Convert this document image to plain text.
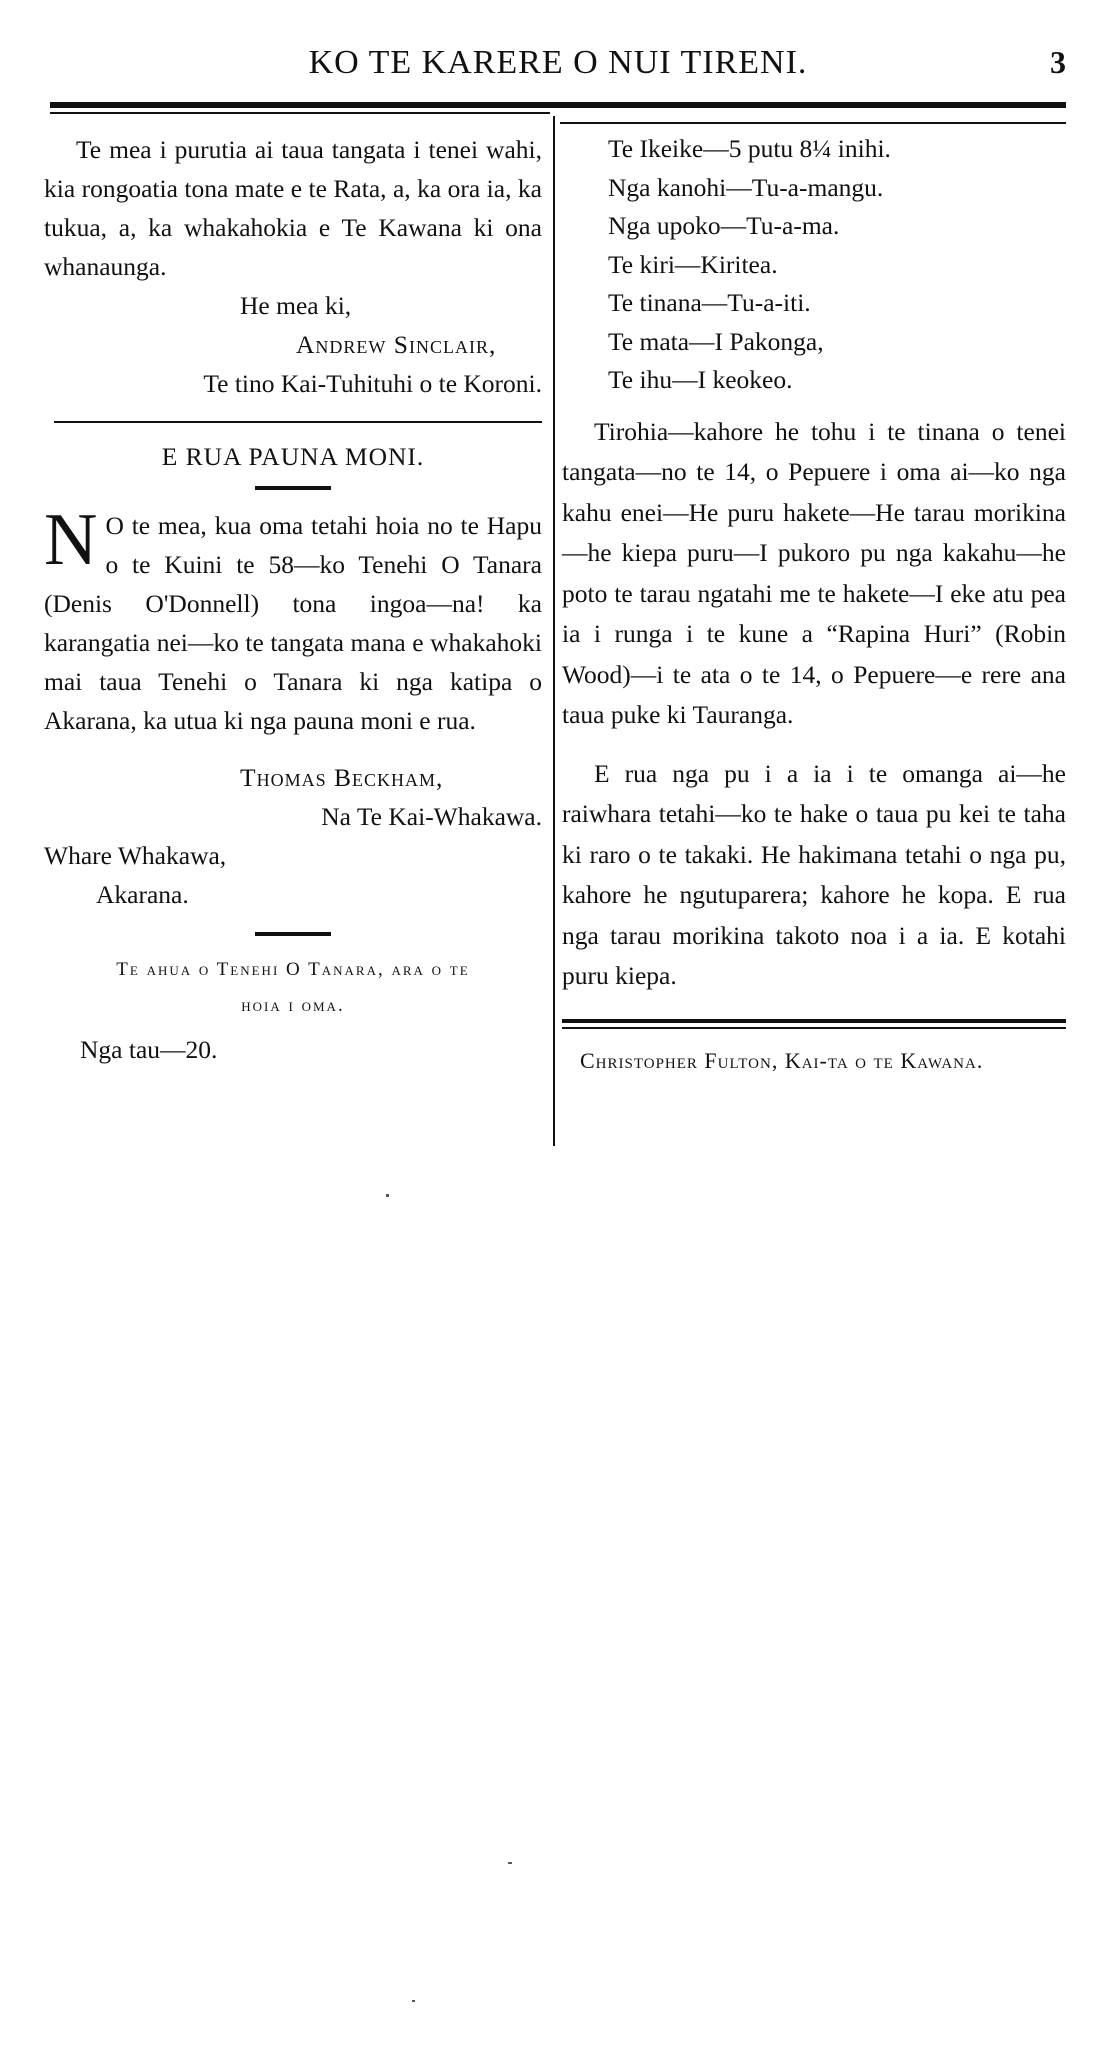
KO TE KARERE O NUI TIRENI.	3

Te mea i purutia ai taua tangata i tenei wahi, kia rongoatia tona mate e te Rata, a, ka ora ia, ka tukua, a, ka whakahokia e Te Kawana ki ona whanaunga.

He mea ki,

Andrew Sinclair,

Te tino Kai-Tuhituhi o te Koroni.

E RUA PAUNA MONI.

N O te mea, kua oma tetahi hoia no te Hapu o te Kuini te 58—ko Tenehi O Tanara (Denis O'Donnell) tona ingoa—na! ka karangatia nei—ko te tangata mana e whakahoki mai taua Tenehi o Tanara ki nga katipa o Akarana, ka utua ki nga pauna moni e rua.

Thomas Beckham,

Na Te Kai-Whakawa.

Whare Whakawa,

Akarana.

Te ahua o Tenehi O Tanara, ara o te

hoia i oma.

Nga tau—20.

Te Ikeike—5 putu 8¼ inihi.

Nga kanohi—Tu-a-mangu.

Nga upoko—Tu-a-ma.

Te kiri—Kiritea.

Te tinana—Tu-a-iti.

Te mata—I Pakonga,

Te ihu—I keokeo.

Tirohia—kahore he tohu i te tinana o tenei tangata—no te 14, o Pepuere i oma ai—ko nga kahu enei—He puru hakete—He tarau morikina—he kiepa puru—I pukoro pu nga kakahu—he poto te tarau ngatahi me te hakete—I eke atu pea ia i runga i te kune a “Rapina Huri” (Robin Wood)—i te ata o te 14, o Pepuere—e rere ana taua puke ki Tauranga.

E rua nga pu i a ia i te omanga ai—he raiwhara tetahi—ko te hake o taua pu kei te taha ki raro o te takaki. He hakimana tetahi o nga pu, kahore he ngutuparera; kahore he kopa. E rua nga tarau morikina takoto noa i a ia. E kotahi puru kiepa.

Christopher Fulton, Kai-ta o te Kawana.
